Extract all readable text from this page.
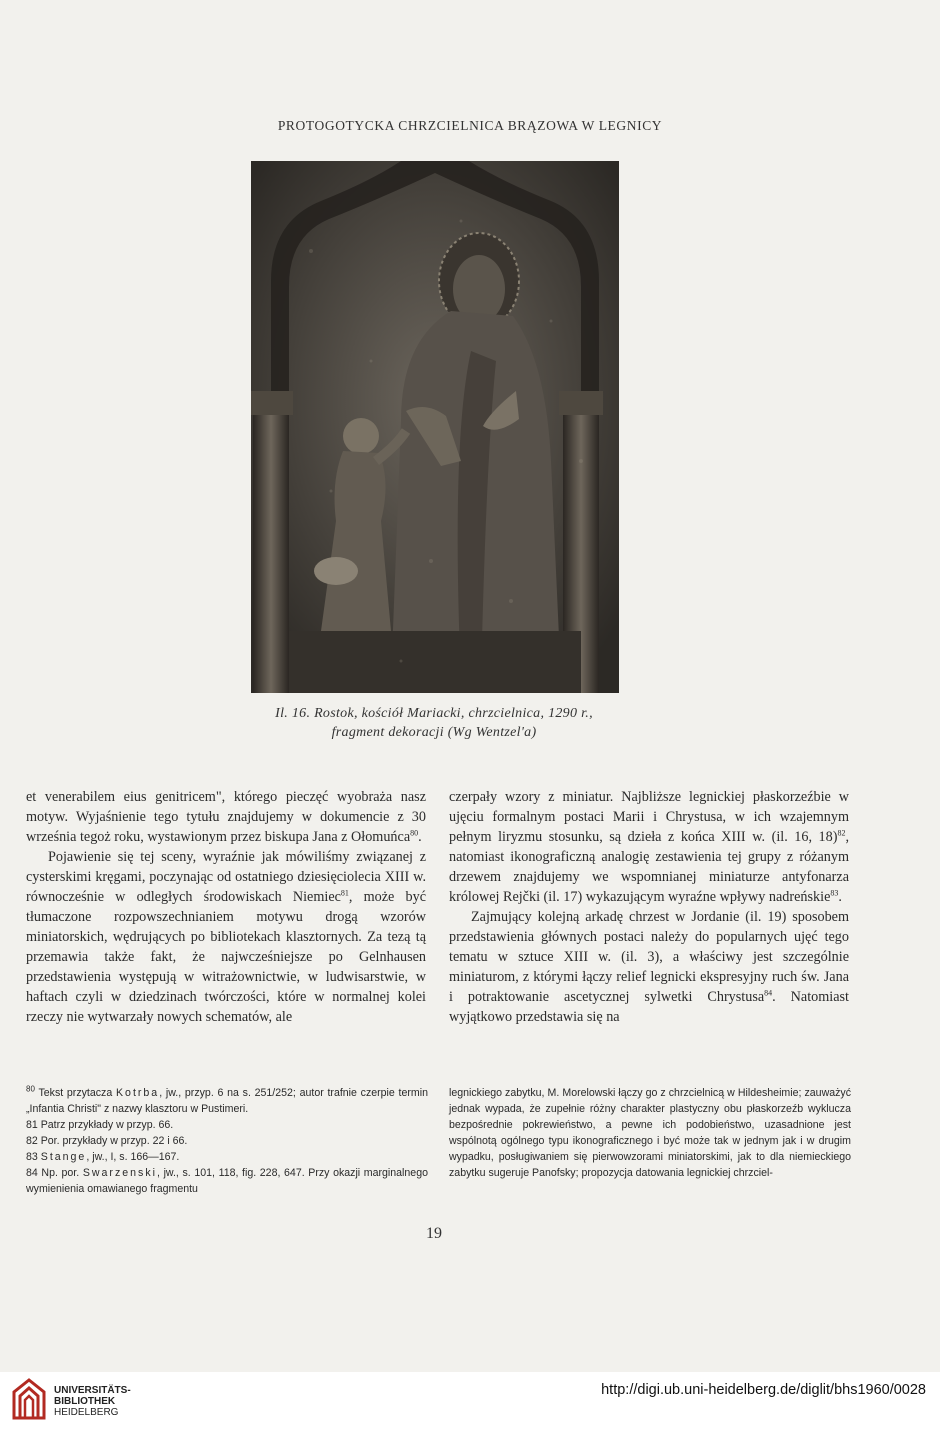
PROTOGOTYCKA CHRZCIELNICA BRĄZOWA W LEGNICY
Il. 16. Rostok, kościół Mariacki, chrzcielnica, 1290 r.,
fragment dekoracji (Wg Wentzel'a)

et venerabilem eius genitricem", którego pieczęć wyobraża nasz motyw. Wyjaśnienie tego tytułu znajdujemy w dokumencie z 30 września tegoż roku, wystawionym przez biskupa Jana z Ołomuńca$^{80}$.

Pojawienie się tej sceny, wyraźnie jak mówiliśmy związanej z cysterskimi kręgami, poczynając od ostatniego dziesięciolecia XIII w. równocześnie w odległych środowiskach Niemiec$^{81}$, może być tłumaczone rozpowszechnianiem motywu drogą wzorów miniatorskich, wędrujących po bibliotekach klasztornych. Za tezą tą przemawia także fakt, że najwcześniejsze po Gelnhausen przedstawienia występują w witrażownictwie, w ludwisarstwie, w haftach czyli w dziedzinach twórczości, które w normalnej kolei rzeczy nie wytwarzały nowych schematów, ale

czerpały wzory z miniatur. Najbliższe legnickiej płaskorzeźbie w ujęciu formalnym postaci Marii i Chrystusa, w ich wzajemnym pełnym liryzmu stosunku, są dzieła z końca XIII w. (il. 16, 18)$^{82}$, natomiast ikonograficzną analogię zestawienia tej grupy z różanym drzewem znajdujemy we wspomnianej miniaturze antyfonarza królowej Rejčki (il. 17) wykazującym wyraźne wpływy nadreńskie$^{83}$.

Zajmujący kolejną arkadę chrzest w Jordanie (il. 19) sposobem przedstawienia głównych postaci należy do popularnych ujęć tego tematu w sztuce XIII w. (il. 3), a właściwy jest szczególnie miniaturom, z którymi łączy relief legnicki ekspresyjny ruch św. Jana i potraktowanie ascetycznej sylwetki Chrystusa$^{84}$. Natomiast wyjątkowo przedstawia się na

$^{80}$ Tekst przytacza Kotrba, jw., przyp. 6 na s. 251/252; autor trafnie czerpie termin „Infantia Christi" z nazwy klasztoru w Pustimeri.

81 Patrz przykłady w przyp. 66.

82 Por. przykłady w przyp. 22 i 66.

83 Stange, jw., I, s. 166—167.

84 Np. por. Swarzenski, jw., s. 101, 118, fig. 228, 647. Przy okazji marginalnego wymienienia omawianego fragmentu

legnickiego zabytku, M. Morelowski łączy go z chrzcielnicą w Hildesheimie; zauważyć jednak wypada, że zupełnie różny charakter plastyczny obu płaskorzeźb wyklucza bezpośrednie pokrewieństwo, a pewne ich podobieństwo, uzasadnione jest wspólnotą ogólnego typu ikonograficznego i być może tak w jednym jak i w drugim wypadku, posługiwaniem się pierwowzorami miniatorskimi, jak to dla niemieckiego zabytku sugeruje Panofsky; propozycja datowania legnickiej chrzciel-

19
UNIVERSITÄTS-
BIBLIOTHEK
HEIDELBERG
http://digi.ub.uni-heidelberg.de/diglit/bhs1960/0028
